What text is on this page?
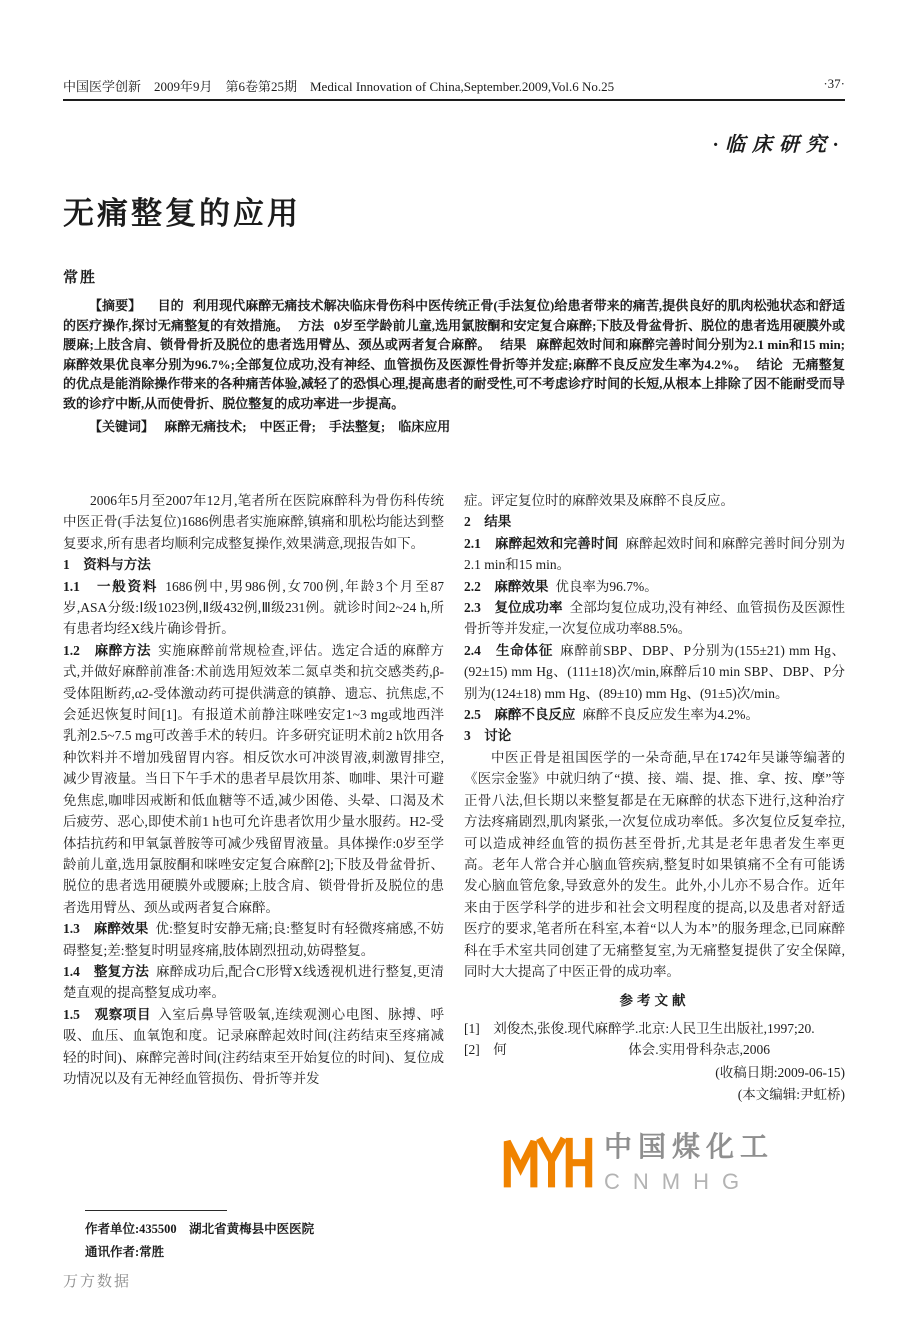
中国医学创新　2009年9月　第6卷第25期　Medical Innovation of China,September.2009,Vol.6 No.25	·37·
·临床研究·
无痛整复的应用
常胜

【摘要】 目的 利用现代麻醉无痛技术解决临床骨伤科中医传统正骨(手法复位)给患者带来的痛苦,提供良好的肌肉松弛状态和舒适的医疗操作,探讨无痛整复的有效措施。 方法 0岁至学龄前儿童,选用氯胺酮和安定复合麻醉;下肢及骨盆骨折、脱位的患者选用硬膜外或腰麻;上肢含肩、锁骨骨折及脱位的患者选用臂丛、颈丛或两者复合麻醉。 结果 麻醉起效时间和麻醉完善时间分别为2.1 min和15 min;麻醉效果优良率分别为96.7%;全部复位成功,没有神经、血管损伤及医源性骨折等并发症;麻醉不良反应发生率为4.2%。 结论 无痛整复的优点是能消除操作带来的各种痛苦体验,减轻了的恐惧心理,提高患者的耐受性,可不考虑诊疗时间的长短,从根本上排除了因不能耐受而导致的诊疗中断,从而使骨折、脱位整复的成功率进一步提高。

【关键词】 麻醉无痛技术;　中医正骨;　手法整复;　临床应用

2006年5月至2007年12月,笔者所在医院麻醉科为骨伤科传统中医正骨(手法复位)1686例患者实施麻醉,镇痛和肌松均能达到整复要求,所有患者均顺利完成整复操作,效果满意,现报告如下。

1　资料与方法

1.1　一般资料 1686例中,男986例,女700例,年龄3个月至87岁,ASA分级:Ⅰ级1023例,Ⅱ级432例,Ⅲ级231例。就诊时间2~24 h,所有患者均经X线片确诊骨折。

1.2　麻醉方法 实施麻醉前常规检查,评估。选定合适的麻醉方式,并做好麻醉前准备:术前选用短效苯二氮卓类和抗交感类药,β-受体阻断药,α2-受体激动药可提供满意的镇静、遗忘、抗焦虑,不会延迟恢复时间[1]。有报道术前静注咪唑安定1~3 mg或地西泮乳剂2.5~7.5 mg可改善手术的转归。许多研究证明术前2 h饮用各种饮料并不增加残留胃内容。相反饮水可冲淡胃液,刺激胃排空,减少胃液量。当日下午手术的患者早晨饮用茶、咖啡、果汁可避免焦虑,咖啡因戒断和低血糖等不适,减少困倦、头晕、口渴及术后疲劳、恶心,即使术前1 h也可允许患者饮用少量水服药。H2-受体拮抗药和甲氧氯普胺等可减少残留胃液量。具体操作:0岁至学龄前儿童,选用氯胺酮和咪唑安定复合麻醉[2];下肢及骨盆骨折、脱位的患者选用硬膜外或腰麻;上肢含肩、锁骨骨折及脱位的患者选用臂丛、颈丛或两者复合麻醉。

1.3　麻醉效果 优:整复时安静无痛;良:整复时有轻微疼痛感,不妨碍整复;差:整复时明显疼痛,肢体剧烈扭动,妨碍整复。

1.4　整复方法 麻醉成功后,配合C形臂X线透视机进行整复,更清楚直观的提高整复成功率。

1.5　观察项目 入室后鼻导管吸氧,连续观测心电图、脉搏、呼吸、血压、血氧饱和度。记录麻醉起效时间(注药结束至疼痛减轻的时间)、麻醉完善时间(注药结束至开始复位的时间)、复位成功情况以及有无神经血管损伤、骨折等并发

症。评定复位时的麻醉效果及麻醉不良反应。

2　结果

2.1　麻醉起效和完善时间 麻醉起效时间和麻醉完善时间分别为2.1 min和15 min。

2.2　麻醉效果 优良率为96.7%。

2.3　复位成功率 全部均复位成功,没有神经、血管损伤及医源性骨折等并发症,一次复位成功率88.5%。

2.4　生命体征 麻醉前SBP、DBP、P分别为(155±21) mm Hg、(92±15) mm Hg、(111±18)次/min,麻醉后10 min SBP、DBP、P分别为(124±18) mm Hg、(89±10) mm Hg、(91±5)次/min。

2.5　麻醉不良反应 麻醉不良反应发生率为4.2%。

3　讨论

中医正骨是祖国医学的一朵奇葩,早在1742年吴谦等编著的《医宗金鉴》中就归纳了“摸、接、端、提、推、拿、按、摩”等正骨八法,但长期以来整复都是在无麻醉的状态下进行,这种治疗方法疼痛剧烈,肌肉紧张,一次复位成功率低。多次复位反复牵拉,可以造成神经血管的损伤甚至骨折,尤其是老年患者发生率更高。老年人常合并心脑血管疾病,整复时如果镇痛不全有可能诱发心脑血管危象,导致意外的发生。此外,小儿亦不易合作。近年来由于医学科学的进步和社会文明程度的提高,以及患者对舒适医疗的要求,笔者所在科室,本着“以人为本”的服务理念,已同麻醉科在手术室共同创建了无痛整复室,为无痛整复提供了安全保障,同时大大提高了中医正骨的成功率。

参考文献

[1]　刘俊杰,张俊.现代麻醉学.北京:人民卫生出版社,1997;20.

[2]　何　　　　　　　　　体会.实用骨科杂志,2006

(收稿日期:2009-06-15)

(本文编辑:尹虹桥)

中国煤化工
CNMHG
作者单位:435500　湖北省黄梅县中医医院
通讯作者:常胜
万方数据
